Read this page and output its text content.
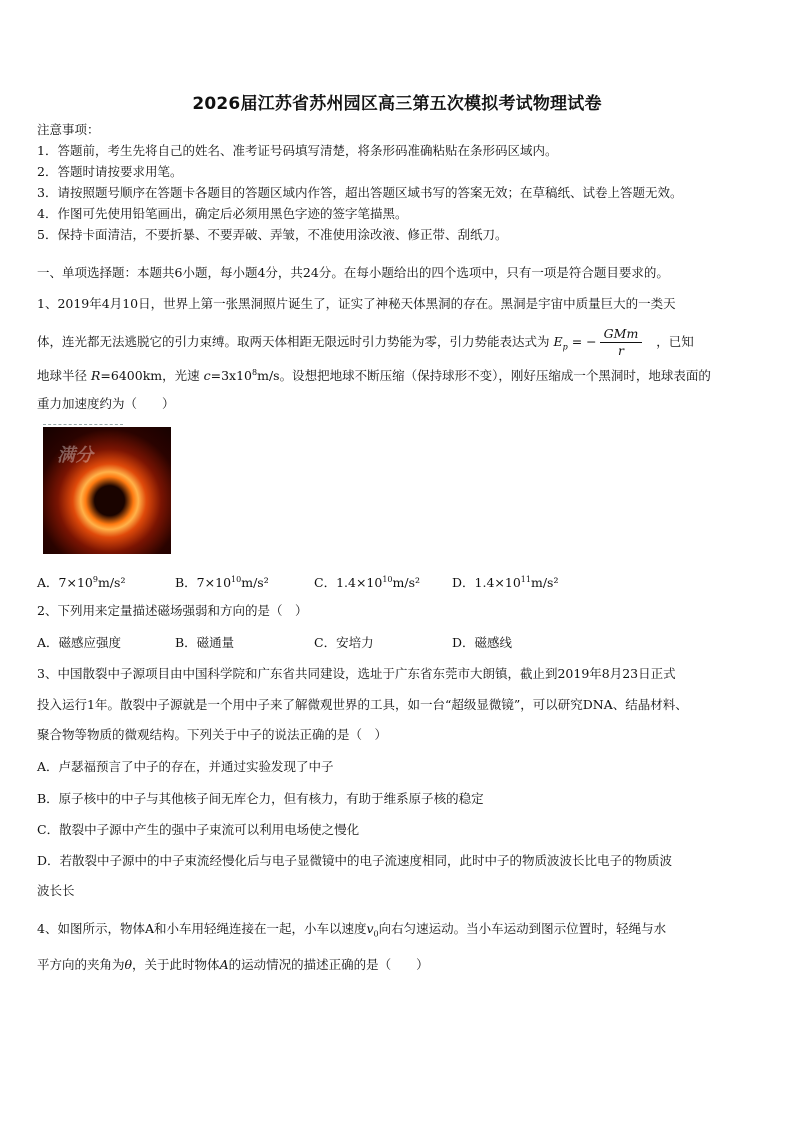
2026届江苏省苏州园区高三第五次模拟考试物理试卷
注意事项：
1．答题前，考生先将自己的姓名、准考证号码填写清楚，将条形码准确粘贴在条形码区域内。
2．答题时请按要求用笔。
3．请按照题号顺序在答题卡各题目的答题区域内作答，超出答题区域书写的答案无效；在草稿纸、试卷上答题无效。
4．作图可先使用铅笔画出，确定后必须用黑色字迹的签字笔描黑。
5．保持卡面清洁，不要折暴、不要弄破、弄皱，不准使用涂改液、修正带、刮纸刀。
一、单项选择题：本题共6小题，每小题4分，共24分。在每小题给出的四个选项中，只有一项是符合题目要求的。
1、2019年4月10日，世界上第一张黑洞照片诞生了，证实了神秘天体黑洞的存在。黑洞是宇宙中质量巨大的一类天
体，连光都无法逃脱它的引力束缚。取两天体相距无限远时引力势能为零，引力势能表达式为 $E_p$ = − $\frac{\text{GMm}}{r}$ ，已知
地球半径 R=6400km，光速 $c=3x10^8m/s$。设想把地球不断压缩（保持球形不变），刚好压缩成一个黑洞时，地球表面的
重力加速度约为（　　）
满分
A．$7\times 10^9m/s^2$	B．$7\times 10^{10}m/s^2$	C．$1.4\times 10^{10}m/s^2$	D．$1.4\times 10^{11}m/s^2$
2、下列用来定量描述磁场强弱和方向的是（　）
A．磁感应强度	B．磁通量	C．安培力	D．磁感线
3、中国散裂中子源项目由中国科学院和广东省共同建设，选址于广东省东莞市大朗镇，截止到2019年8月23日正式
投入运行1年。散裂中子源就是一个用中子来了解微观世界的工具，如一台“超级显微镜”，可以研究DNA、结晶材料、
聚合物等物质的微观结构。下列关于中子的说法正确的是（　）
A．卢瑟福预言了中子的存在，并通过实验发现了中子
B．原子核中的中子与其他核子间无库仑力，但有核力，有助于维系原子核的稳定
C．散裂中子源中产生的强中子束流可以利用电场使之慢化
D．若散裂中子源中的中子束流经慢化后与电子显微镜中的电子流速度相同，此时中子的物质波波长比电子的物质波
波长长
4、如图所示，物体A和小车用轻绳连接在一起，小车以速度$v_0$向右匀速运动。当小车运动到图示位置时，轻绳与水
平方向的夹角为θ，关于此时物体A的运动情况的描述正确的是（　　）
